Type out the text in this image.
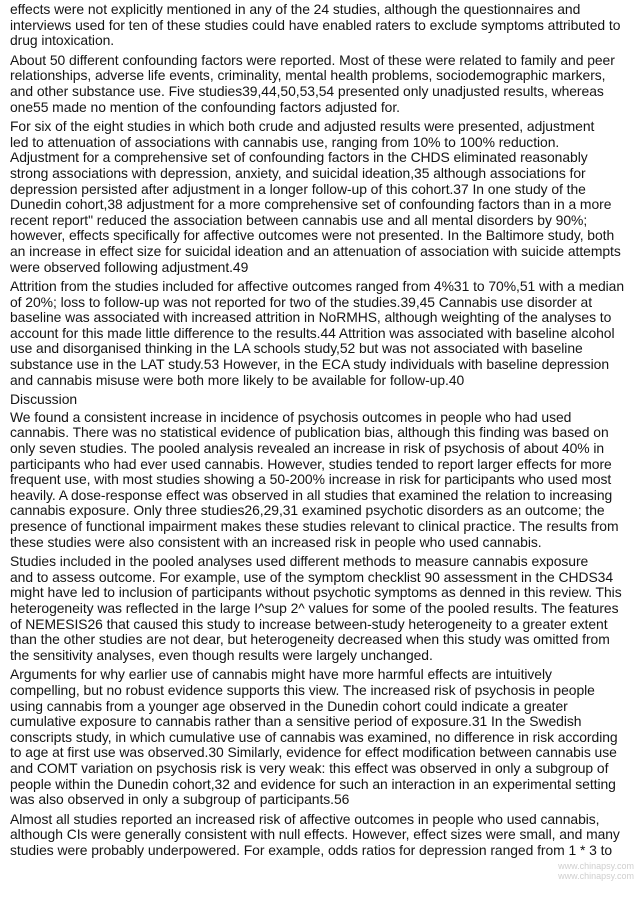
effects were not explicitly mentioned in any of the 24 studies, although the questionnaires and
interviews used for ten of these studies could have enabled raters to exclude symptoms attributed to
drug intoxication.

About 50 different confounding factors were reported. Most of these were related to family and peer
relationships, adverse life events, criminality, mental health problems, sociodemographic markers,
and other substance use. Five studies39,44,50,53,54 presented only unadjusted results, whereas
one55 made no mention of the confounding factors adjusted for.

For six of the eight studies in which both crude and adjusted results were presented, adjustment
led to attenuation of associations with cannabis use, ranging from 10% to 100% reduction.
Adjustment for a comprehensive set of confounding factors in the CHDS eliminated reasonably
strong associations with depression, anxiety, and suicidal ideation,35 although associations for
depression persisted after adjustment in a longer follow-up of this cohort.37 In one study of the
Dunedin cohort,38 adjustment for a more comprehensive set of confounding factors than in a more
recent report" reduced the association between cannabis use and all mental disorders by 90%;
however, effects specifically for affective outcomes were not presented. In the Baltimore study, both
an increase in effect size for suicidal ideation and an attenuation of association with suicide attempts
were observed following adjustment.49

Attrition from the studies included for affective outcomes ranged from 4%31 to 70%,51 with a median
of 20%; loss to follow-up was not reported for two of the studies.39,45 Cannabis use disorder at
baseline was associated with increased attrition in NoRMHS, although weighting of the analyses to
account for this made little difference to the results.44 Attrition was associated with baseline alcohol
use and disorganised thinking in the LA schools study,52 but was not associated with baseline
substance use in the LAT study.53 However, in the ECA study individuals with baseline depression
and cannabis misuse were both more likely to be available for follow-up.40

Discussion

We found a consistent increase in incidence of psychosis outcomes in people who had used
cannabis. There was no statistical evidence of publication bias, although this finding was based on
only seven studies. The pooled analysis revealed an increase in risk of psychosis of about 40% in
participants who had ever used cannabis. However, studies tended to report larger effects for more
frequent use, with most studies showing a 50-200% increase in risk for participants who used most
heavily. A dose-response effect was observed in all studies that examined the relation to increasing
cannabis exposure. Only three studies26,29,31 examined psychotic disorders as an outcome; the
presence of functional impairment makes these studies relevant to clinical practice. The results from
these studies were also consistent with an increased risk in people who used cannabis.

Studies included in the pooled analyses used different methods to measure cannabis exposure
and to assess outcome. For example, use of the symptom checklist 90 assessment in the CHDS34
might have led to inclusion of participants without psychotic symptoms as denned in this review. This
heterogeneity was reflected in the large I^sup 2^ values for some of the pooled results. The features
of NEMESIS26 that caused this study to increase between-study heterogeneity to a greater extent
than the other studies are not dear, but heterogeneity decreased when this study was omitted from
the sensitivity analyses, even though results were largely unchanged.

Arguments for why earlier use of cannabis might have more harmful effects are intuitively
compelling, but no robust evidence supports this view. The increased risk of psychosis in people
using cannabis from a younger age observed in the Dunedin cohort could indicate a greater
cumulative exposure to cannabis rather than a sensitive period of exposure.31 In the Swedish
conscripts study, in which cumulative use of cannabis was examined, no difference in risk according
to age at first use was observed.30 Similarly, evidence for effect modification between cannabis use
and COMT variation on psychosis risk is very weak: this effect was observed in only a subgroup of
people within the Dunedin cohort,32 and evidence for such an interaction in an experimental setting
was also observed in only a subgroup of participants.56

Almost all studies reported an increased risk of affective outcomes in people who used cannabis,
although CIs were generally consistent with null effects. However, effect sizes were small, and many
studies were probably underpowered. For example, odds ratios for depression ranged from 1 * 3 to

www.chinapsy.com
www.chinapsy.com
